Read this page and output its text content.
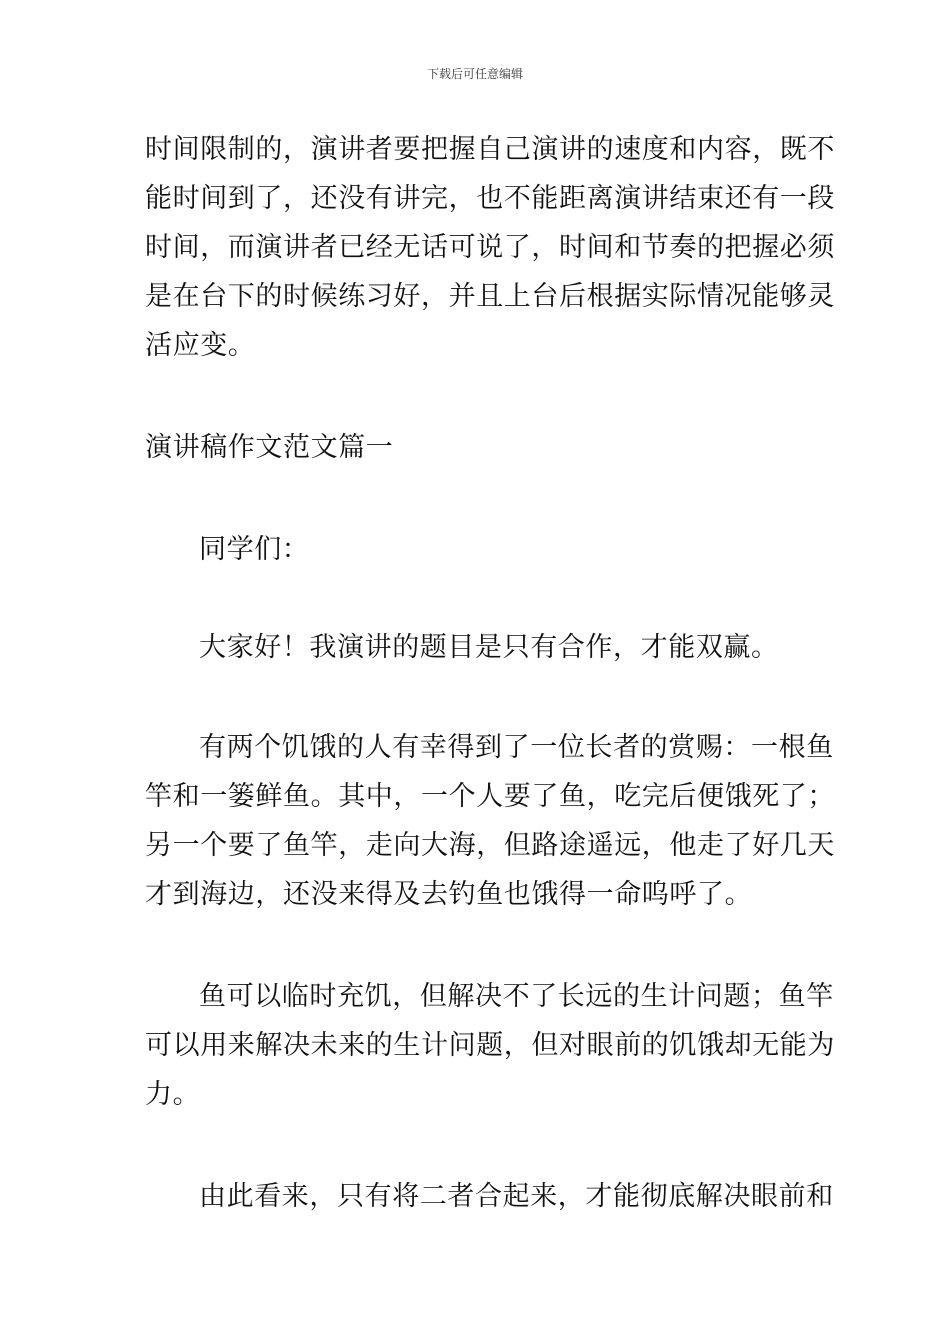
下载后可任意编辑
时间限制的，演讲者要把握自己演讲的速度和内容，既不
能时间到了，还没有讲完，也不能距离演讲结束还有一段
时间，而演讲者已经无话可说了，时间和节奏的把握必须
是在台下的时候练习好，并且上台后根据实际情况能够灵
活应变。
演讲稿作文范文篇一
同学们：
大家好！我演讲的题目是只有合作，才能双赢。
有两个饥饿的人有幸得到了一位长者的赏赐：一根鱼
竿和一篓鲜鱼。其中，一个人要了鱼，吃完后便饿死了；
另一个要了鱼竿，走向大海，但路途遥远，他走了好几天
才到海边，还没来得及去钓鱼也饿得一命呜呼了。
鱼可以临时充饥，但解决不了长远的生计问题；鱼竿
可以用来解决未来的生计问题，但对眼前的饥饿却无能为
力。
由此看来，只有将二者合起来，才能彻底解决眼前和
